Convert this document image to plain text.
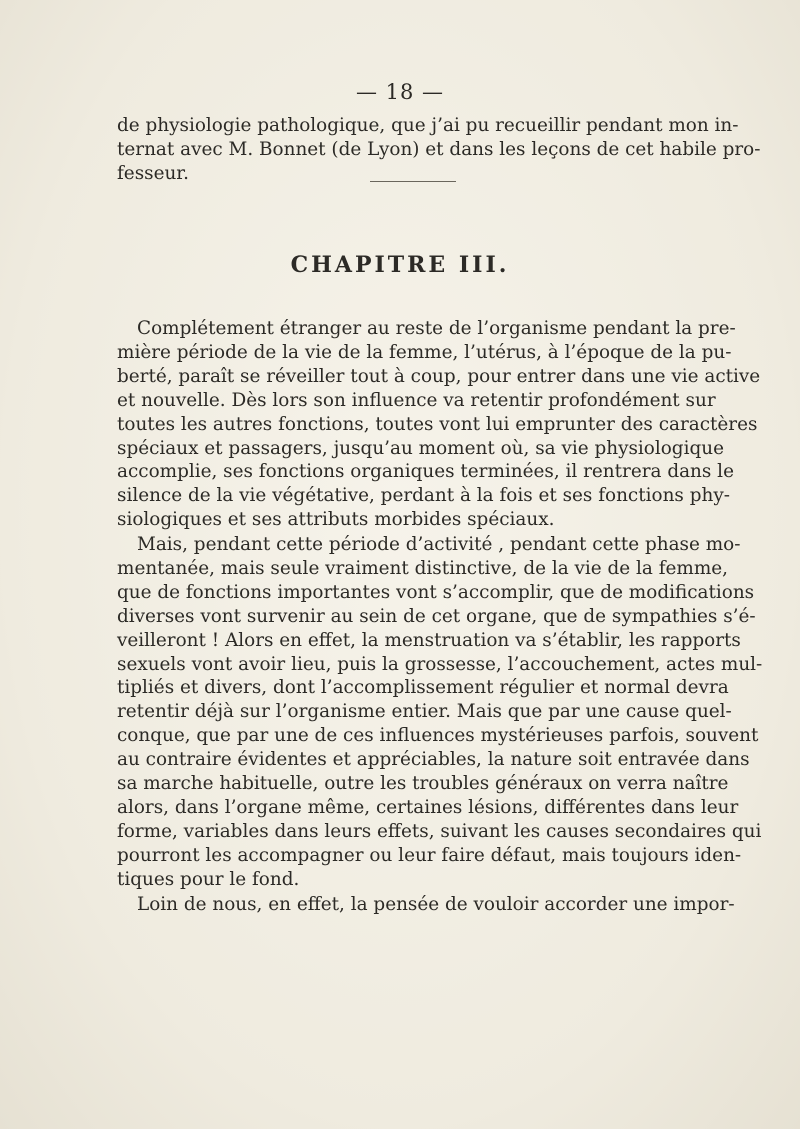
— 18 —
de physiologie pathologique, que j’ai pu recueillir pendant mon in-
ternat avec M. Bonnet (de Lyon) et dans les leçons de cet habile pro-
fesseur.
CHAPITRE III.
Complétement étranger au reste de l’organisme pendant la pre-
mière période de la vie de la femme, l’utérus, à l’époque de la pu-
berté, paraît se réveiller tout à coup, pour entrer dans une vie active
et nouvelle. Dès lors son influence va retentir profondément sur
toutes les autres fonctions, toutes vont lui emprunter des caractères
spéciaux et passagers, jusqu’au moment où, sa vie physiologique
accomplie, ses fonctions organiques terminées, il rentrera dans le
silence de la vie végétative, perdant à la fois et ses fonctions phy-
siologiques et ses attributs morbides spéciaux.
Mais, pendant cette période d’activité , pendant cette phase mo-
mentanée, mais seule vraiment distinctive, de la vie de la femme,
que de fonctions importantes vont s’accomplir, que de modifications
diverses vont survenir au sein de cet organe, que de sympathies s’é-
veilleront ! Alors en effet, la menstruation va s’établir, les rapports
sexuels vont avoir lieu, puis la grossesse, l’accouchement, actes mul-
tipliés et divers, dont l’accomplissement régulier et normal devra
retentir déjà sur l’organisme entier. Mais que par une cause quel-
conque, que par une de ces influences mystérieuses parfois, souvent
au contraire évidentes et appréciables, la nature soit entravée dans
sa marche habituelle, outre les troubles généraux on verra naître
alors, dans l’organe même, certaines lésions, différentes dans leur
forme, variables dans leurs effets, suivant les causes secondaires qui
pourront les accompagner ou leur faire défaut, mais toujours iden-
tiques pour le fond.
Loin de nous, en effet, la pensée de vouloir accorder une impor-
